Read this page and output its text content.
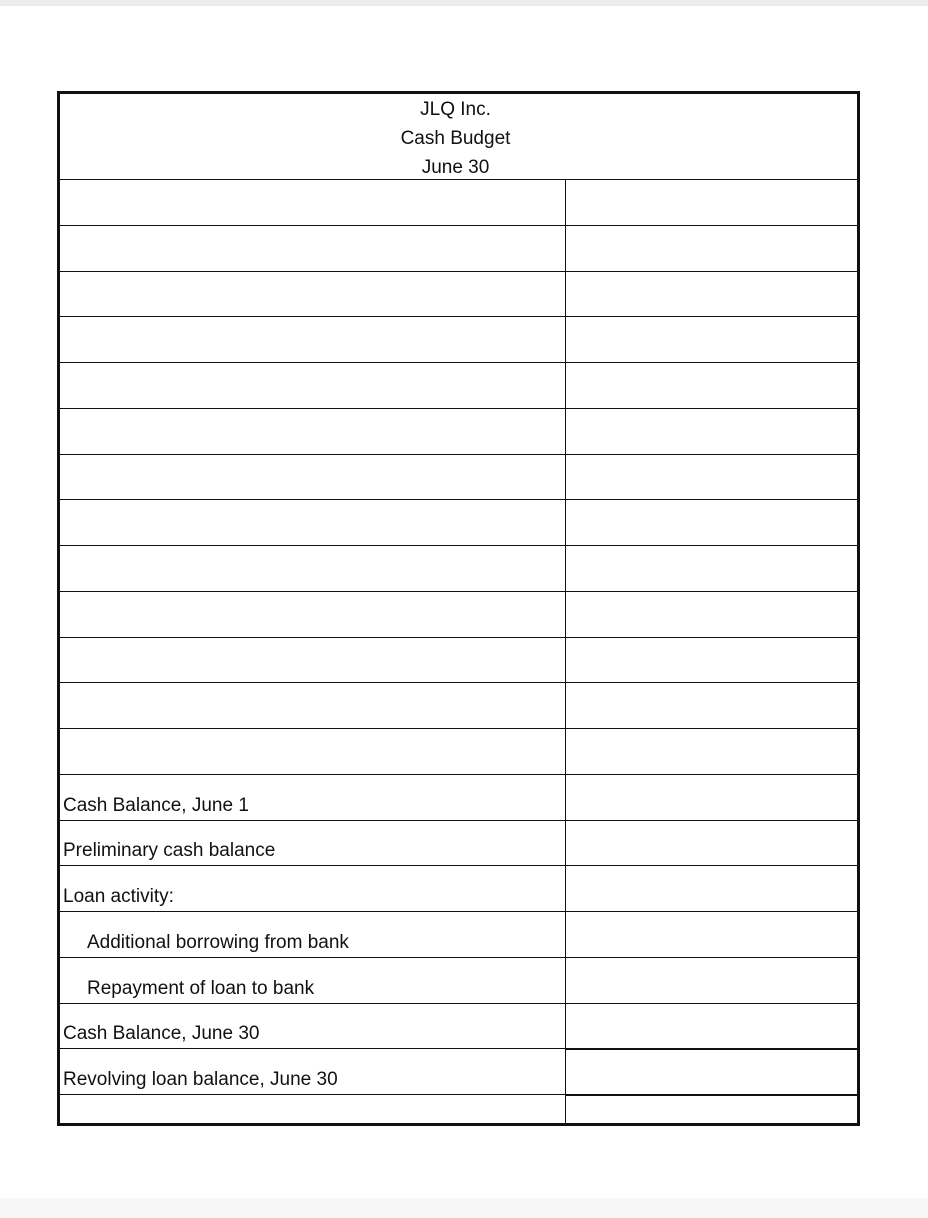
JLQ Inc.
Cash Budget
June 30
Cash Balance, June 1
Preliminary cash balance
Loan activity:
Additional borrowing from bank
Repayment of loan to bank
Cash Balance, June 30
Revolving loan balance, June 30
